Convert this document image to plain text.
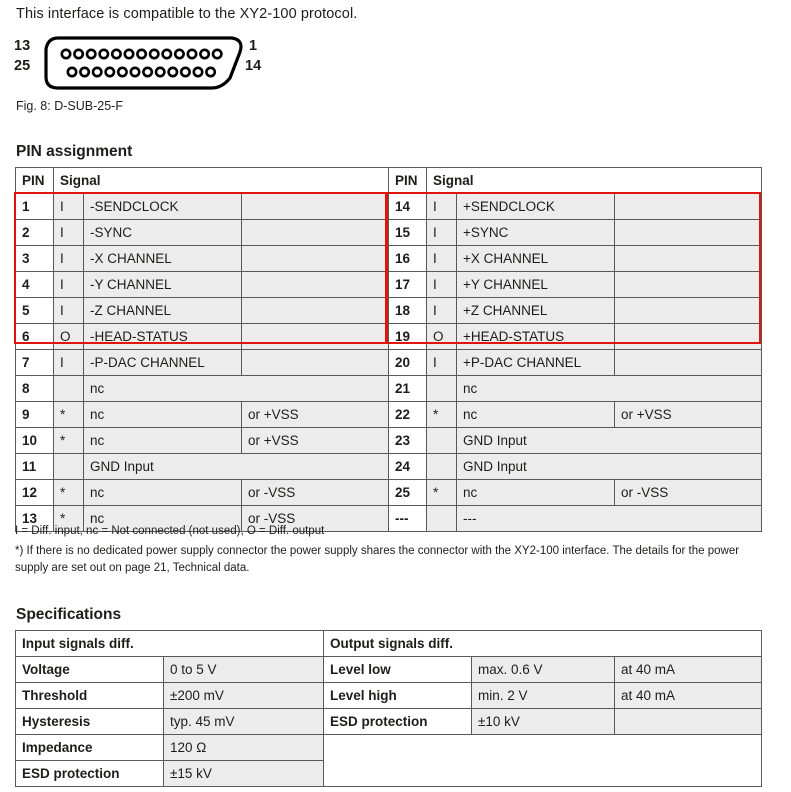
This interface is compatible to the XY2-100 protocol.
13
25
1
14
Fig. 8: D-SUB-25-F
PIN assignment
PIN	Signal			PIN	Signal		
1	I	-SENDCLOCK		14	I	+SENDCLOCK	
2	I	-SYNC		15	I	+SYNC	
3	I	-X CHANNEL		16	I	+X CHANNEL	
4	I	-Y CHANNEL		17	I	+Y CHANNEL	
5	I	-Z CHANNEL		18	I	+Z CHANNEL	
6	O	-HEAD-STATUS		19	O	+HEAD-STATUS	
7	I	-P-DAC CHANNEL		20	I	+P-DAC CHANNEL	
8		nc		21		nc	
9	*	nc	or +VSS	22	*	nc	or +VSS
10	*	nc	or +VSS	23		GND Input	
11		GND Input		24		GND Input	
12	*	nc	or -VSS	25	*	nc	or -VSS
13	*	nc	or -VSS	---		---	
I = Diff. input, nc = Not connected (not used), O = Diff. output
*) If there is no dedicated power supply connector the power supply shares the connector with the XY2-100 interface. The details for the power supply are set out on page 21, Technical data.
Specifications
Input signals diff.		Output signals diff.		
Voltage	0 to 5 V	Level low	max. 0.6 V	at 40 mA
Threshold	±200 mV	Level high	min. 2 V	at 40 mA
Hysteresis	typ. 45 mV	ESD protection	±10 kV	
Impedance	120 Ω			
ESD protection	±15 kV			
